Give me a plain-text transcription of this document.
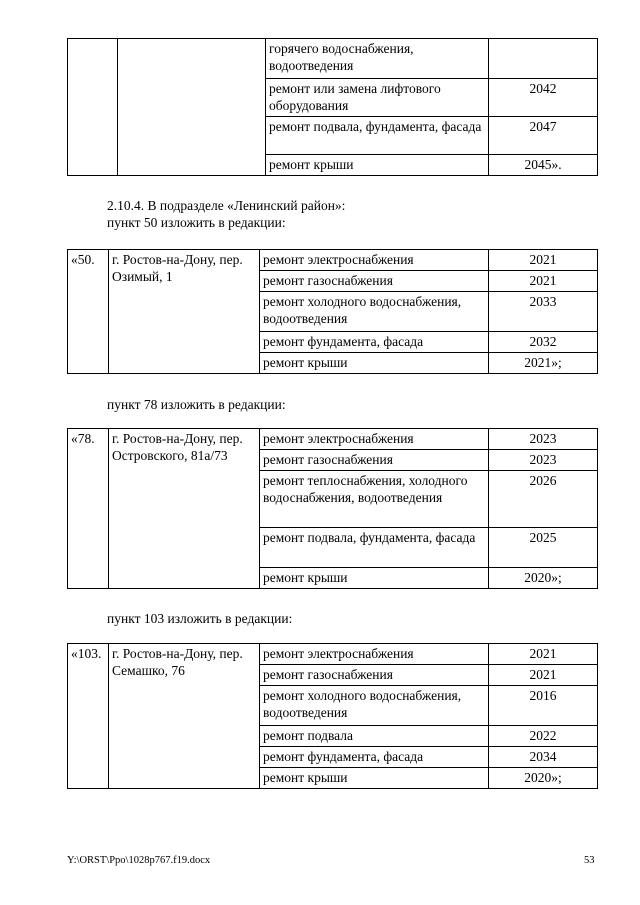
		горячего водоснабжения, водоотведения	
		ремонт или замена лифтового оборудования	2042
		ремонт подвала, фундамента, фасада	2047
		ремонт крыши	2045».
2.10.4. В подразделе «Ленинский район»:
пункт 50 изложить в редакции:
«50.	г. Ростов-на-Дону, пер. Озимый, 1	ремонт электроснабжения	2021
		ремонт газоснабжения	2021
		ремонт холодного водоснабжения, водоотведения	2033
		ремонт фундамента, фасада	2032
		ремонт крыши	2021»;
пункт 78 изложить в редакции:
«78.	г. Ростов-на-Дону, пер. Островского, 81а/73	ремонт электроснабжения	2023
		ремонт газоснабжения	2023
		ремонт теплоснабжения, холодного водоснабжения, водоотведения	2026
		ремонт подвала, фундамента, фасада	2025
		ремонт крыши	2020»;
пункт 103 изложить в редакции:
«103.	г. Ростов-на-Дону, пер. Семашко, 76	ремонт электроснабжения	2021
		ремонт газоснабжения	2021
		ремонт холодного водоснабжения, водоотведения	2016
		ремонт подвала	2022
		ремонт фундамента, фасада	2034
		ремонт крыши	2020»;
Y:\ORST\Ppo\1028p767.f19.docx	53
